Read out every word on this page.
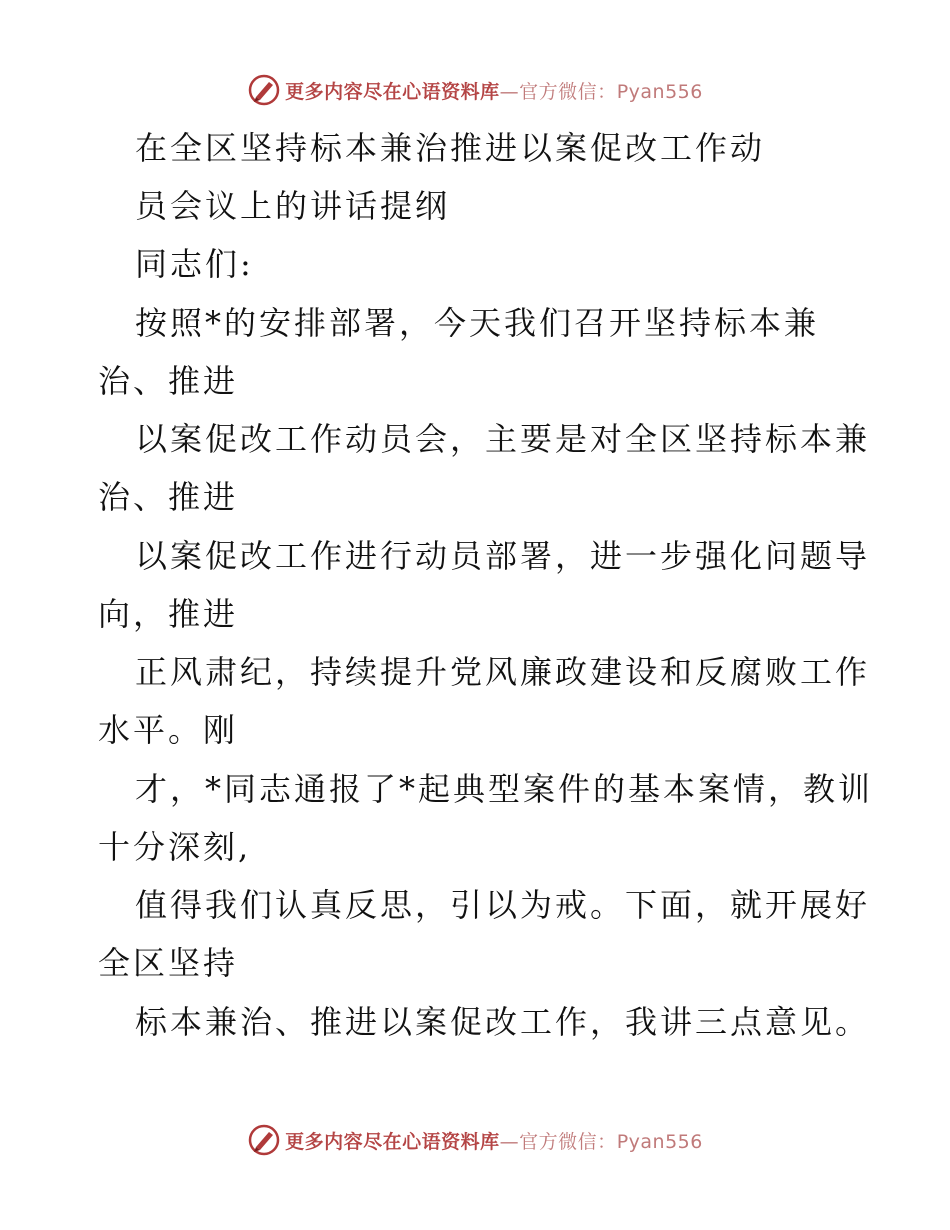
更多内容尽在心语资料库—官方微信：Pyan556
在全区坚持标本兼治推进以案促改工作动
员会议上的讲话提纲
同志们:
按照*的安排部署，今天我们召开坚持标本兼
治、推进
以案促改工作动员会，主要是对全区坚持标本兼
治、推进
以案促改工作进行动员部署，进一步强化问题导
向，推进
正风肃纪，持续提升党风廉政建设和反腐败工作
水平。刚
才，*同志通报了*起典型案件的基本案情，教训
十分深刻,
值得我们认真反思，引以为戒。下面，就开展好
全区坚持
标本兼治、推进以案促改工作，我讲三点意见。
更多内容尽在心语资料库—官方微信：Pyan556
